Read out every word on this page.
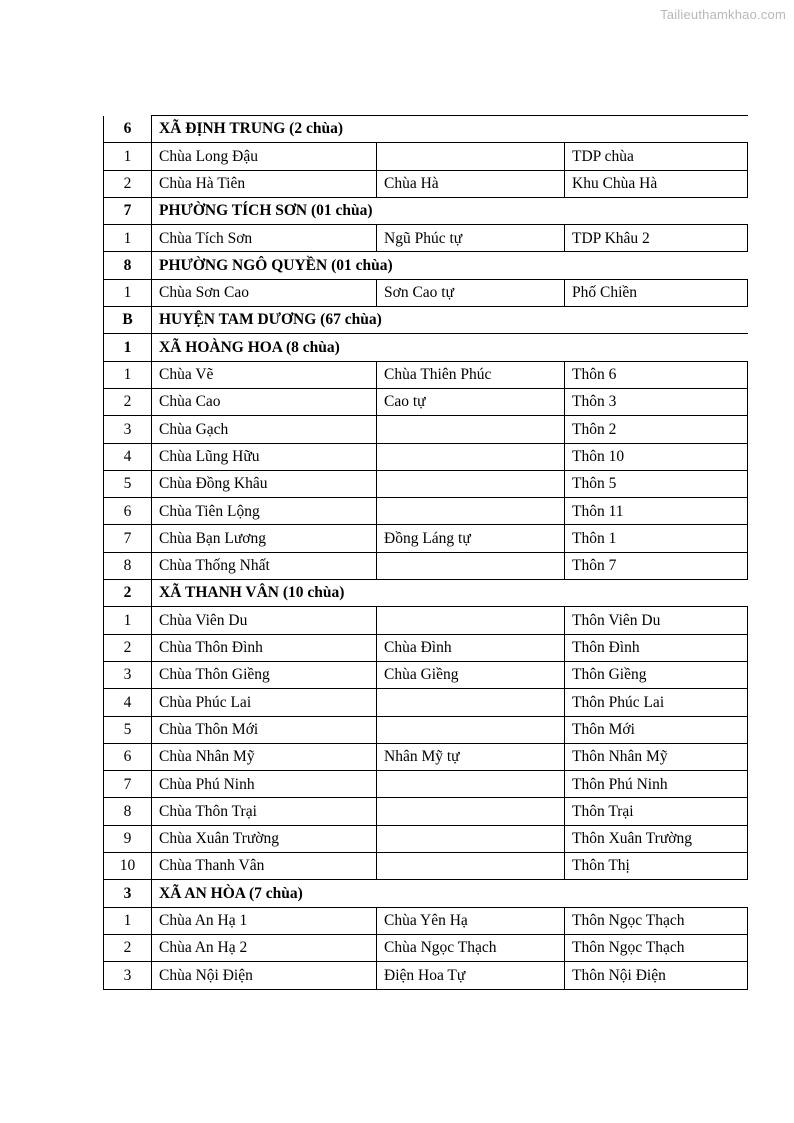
Tailieuthamkhao.com
6	XÃ ĐỊNH TRUNG (2 chùa)		
1	Chùa Long Đậu		TDP chùa
2	Chùa Hà Tiên	Chùa Hà	Khu Chùa Hà
7	PHƯỜNG TÍCH SƠN (01 chùa)		
1	Chùa Tích Sơn	Ngũ Phúc tự	TDP Khâu 2
8	PHƯỜNG NGÔ QUYỀN (01 chùa)		
1	Chùa Sơn Cao	Sơn Cao tự	Phố Chiền
B	HUYỆN TAM DƯƠNG (67 chùa)		
1	XÃ HOÀNG HOA (8 chùa)		
1	Chùa Vẽ	Chùa Thiên Phúc	Thôn 6
2	Chùa Cao	Cao tự	Thôn 3
3	Chùa Gạch		Thôn 2
4	Chùa Lũng Hữu		Thôn 10
5	Chùa Đồng Khâu		Thôn 5
6	Chùa Tiên Lộng		Thôn 11
7	Chùa Bạn Lương	Đồng Láng tự	Thôn 1
8	Chùa Thống Nhất		Thôn 7
2	XÃ THANH VÂN (10 chùa)		
1	Chùa Viên Du		Thôn Viên Du
2	Chùa Thôn Đình	Chùa Đình	Thôn Đình
3	Chùa Thôn Giềng	Chùa Giềng	Thôn Giềng
4	Chùa Phúc Lai		Thôn Phúc Lai
5	Chùa Thôn Mới		Thôn Mới
6	Chùa Nhân Mỹ	Nhân Mỹ tự	Thôn Nhân Mỹ
7	Chùa Phú Ninh		Thôn Phú Ninh
8	Chùa Thôn Trại		Thôn Trại
9	Chùa Xuân Trường		Thôn Xuân Trường
10	Chùa Thanh Vân		Thôn Thị
3	XÃ AN HÒA (7 chùa)		
1	Chùa An Hạ 1	Chùa Yên Hạ	Thôn Ngọc Thạch
2	Chùa An Hạ 2	Chùa Ngọc Thạch	Thôn Ngọc Thạch
3	Chùa Nội Điện	Điện Hoa Tự	Thôn Nội Điện
